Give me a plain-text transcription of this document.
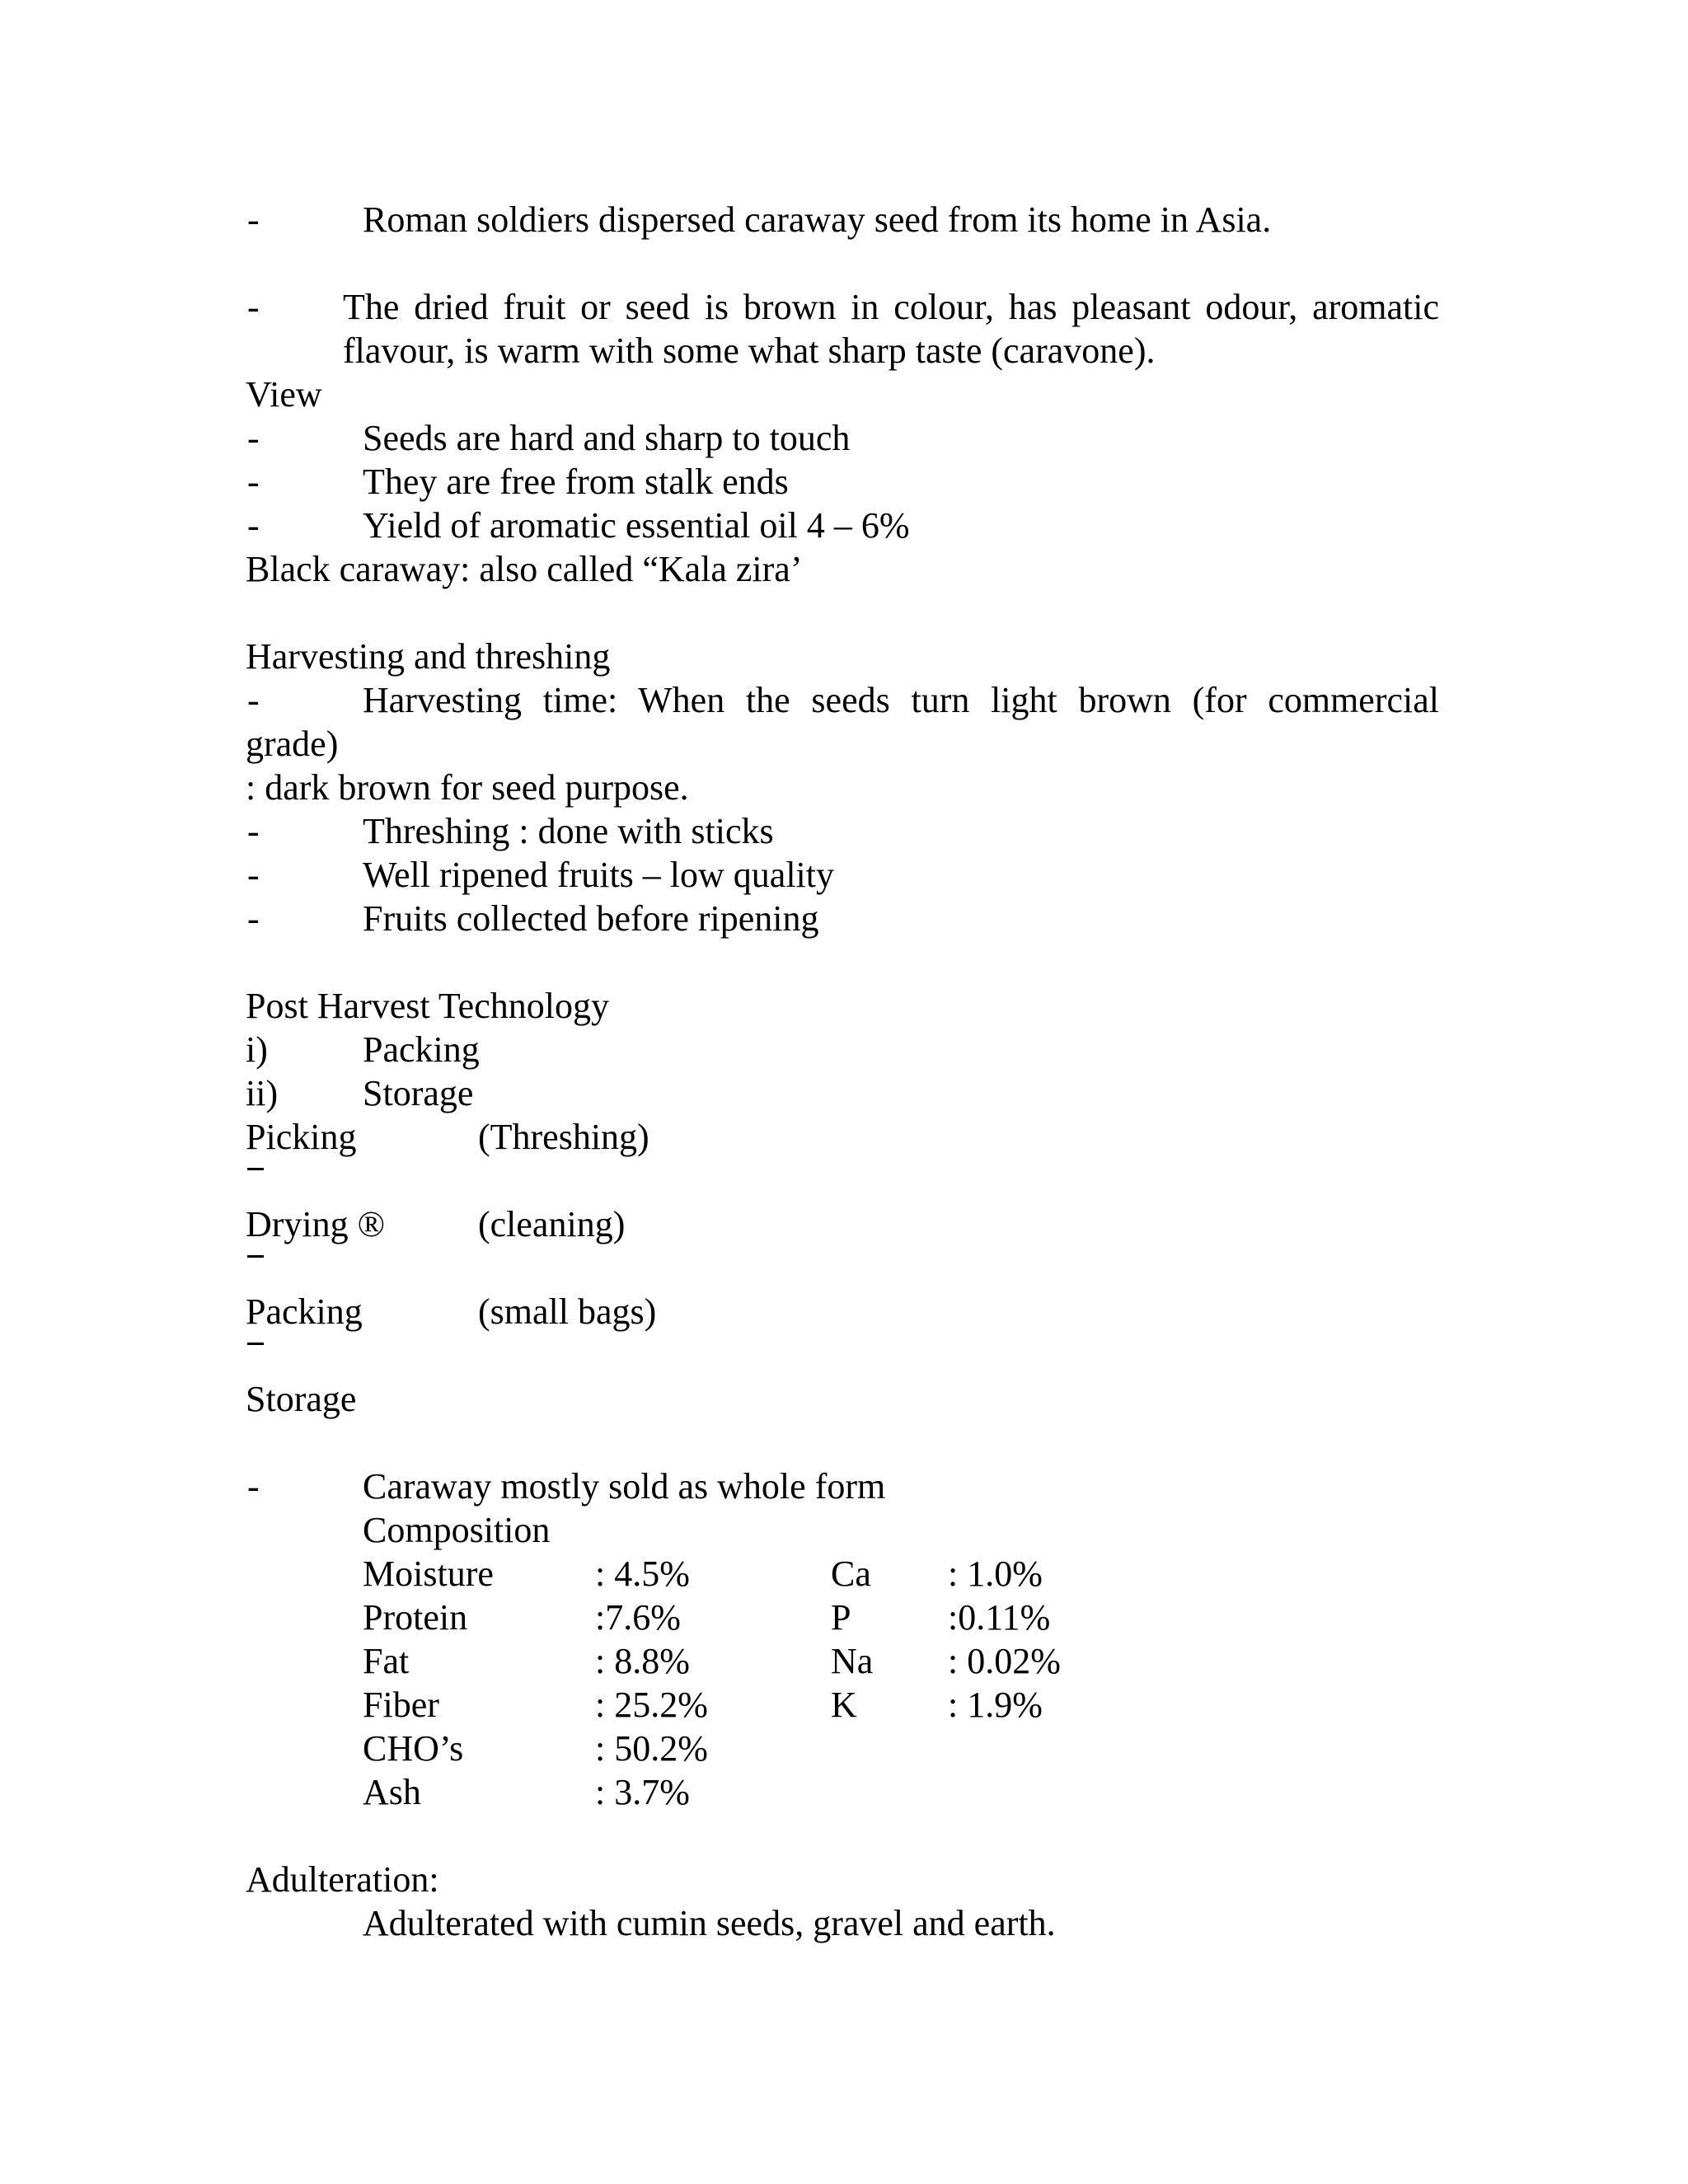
-	Roman soldiers dispersed caraway seed from its home in Asia.
- The dried fruit or seed is brown in colour, has pleasant odour, aromatic flavour, is warm with some what sharp taste (caravone).
View
-	Seeds are hard and sharp to touch
-	They are free from stalk ends
-	Yield of aromatic essential oil 4 – 6%
Black caraway: also called “Kala zira’
Harvesting and threshing
-	Harvesting time: When the seeds turn light brown (for commercial
grade)
: dark brown for seed purpose.
-	Threshing : done with sticks
-	Well ripened fruits – low quality
-	Fruits collected before ripening
Post Harvest Technology
i)	Packing
ii) Storage
Picking	(Threshing)
Drying ®	(cleaning)
Packing	(small bags)
Storage
-	Caraway mostly sold as whole form
Composition
Moisture	: 4.5%	Ca : 1.0%
Protein	:7.6%	P	:0.11%
Fat	: 8.8%	Na : 0.02%
Fiber	: 25.2%	K	: 1.9%
CHO’s	: 50.2%
Ash	: 3.7%
Adulteration:
Adulterated with cumin seeds, gravel and earth.
